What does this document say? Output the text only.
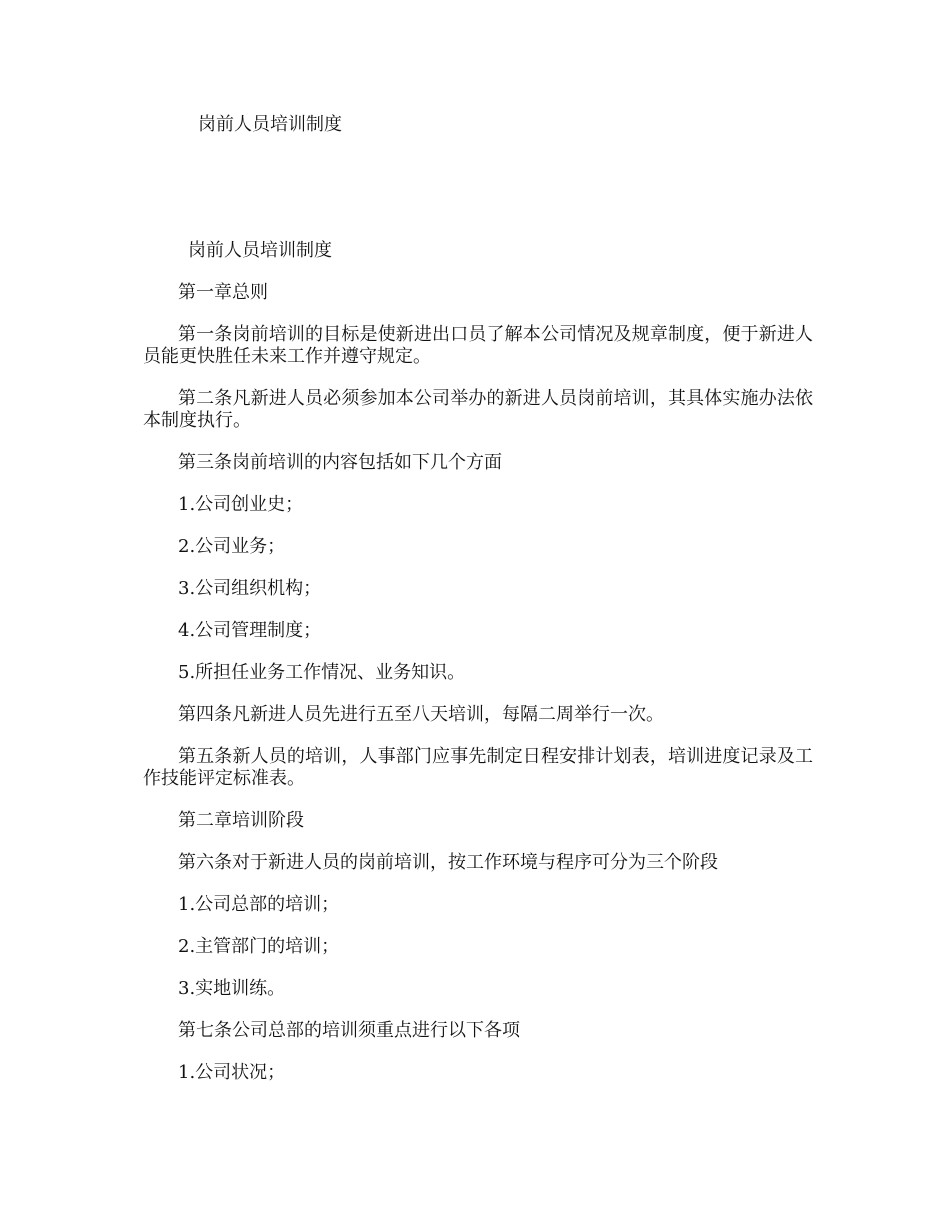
岗前人员培训制度

岗前人员培训制度

第一章总则

第一条岗前培训的目标是使新进出口员了解本公司情况及规章制度，便于新进人员能更快胜任未来工作并遵守规定。

第二条凡新进人员必须参加本公司举办的新进人员岗前培训，其具体实施办法依本制度执行。

第三条岗前培训的内容包括如下几个方面

1.公司创业史；

2.公司业务；

3.公司组织机构；

4.公司管理制度；

5.所担任业务工作情况、业务知识。

第四条凡新进人员先进行五至八天培训，每隔二周举行一次。

第五条新人员的培训，人事部门应事先制定日程安排计划表，培训进度记录及工作技能评定标准表。

第二章培训阶段

第六条对于新进人员的岗前培训，按工作环境与程序可分为三个阶段

1.公司总部的培训；

2.主管部门的培训；

3.实地训练。

第七条公司总部的培训须重点进行以下各项

1.公司状况；
